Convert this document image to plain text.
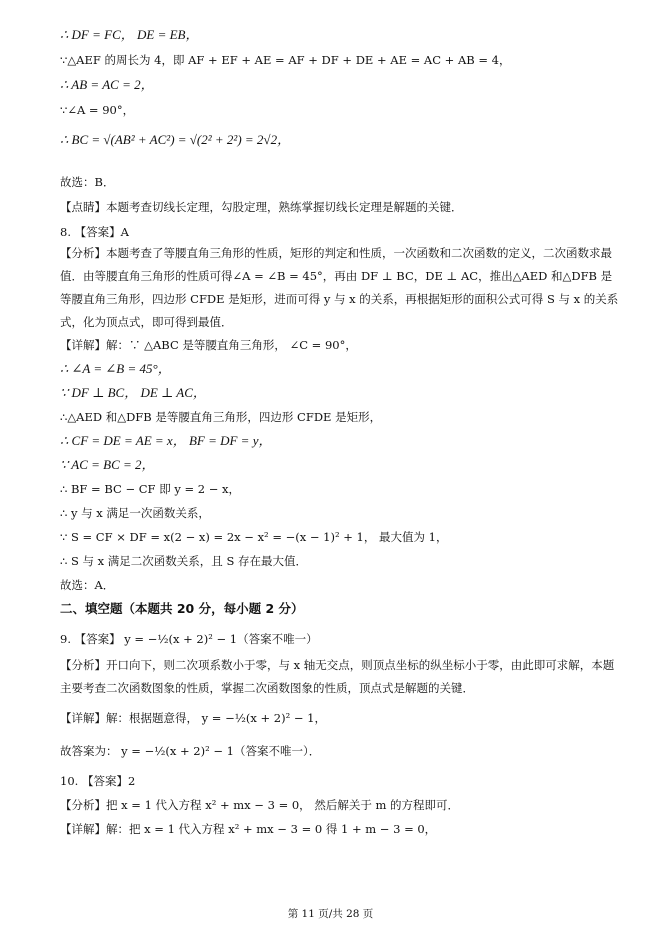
∴ DF = FC， DE = EB，
∵△AEF 的周长为 4，即 AF + EF + AE = AF + DF + DE + AE = AC + AB = 4，
∴ AB = AC = 2，
∵∠A = 90°，
∴ BC = √(AB² + AC²) = √(2² + 2²) = 2√2，
故选：B．
【点睛】本题考查切线长定理，勾股定理，熟练掌握切线长定理是解题的关键．
8. 【答案】A
【分析】本题考查了等腰直角三角形的性质，矩形的判定和性质，一次函数和二次函数的定义，二次函数求最值．由等腰直角三角形的性质可得∠A = ∠B = 45°，再由 DF ⊥ BC，DE ⊥ AC，推出△AED 和△DFB 是等腰直角三角形，四边形 CFDE 是矩形，进而可得 y 与 x 的关系，再根据矩形的面积公式可得 S 与 x 的关系式，化为顶点式，即可得到最值．
【详解】解：∵ △ABC 是等腰直角三角形， ∠C = 90°，
∴ ∠A = ∠B = 45°，
∵ DF ⊥ BC， DE ⊥ AC，
∴△AED 和△DFB 是等腰直角三角形，四边形 CFDE 是矩形，
∴ CF = DE = AE = x， BF = DF = y，
∵ AC = BC = 2，
∴ BF = BC − CF 即 y = 2 − x，
∴ y 与 x 满足一次函数关系，
∵ S = CF × DF = x(2 − x) = 2x − x² = −(x − 1)² + 1， 最大值为 1，
∴ S 与 x 满足二次函数关系，且 S 存在最大值．
故选：A．
二、填空题（本题共 20 分，每小题 2 分）
9. 【答案】 y = −½(x + 2)² − 1（答案不唯一）
【分析】开口向下，则二次项系数小于零，与 x 轴无交点，则顶点坐标的纵坐标小于零，由此即可求解，本题主要考查二次函数图象的性质，掌握二次函数图象的性质，顶点式是解题的关键．
【详解】解：根据题意得， y = −½(x + 2)² − 1，
故答案为： y = −½(x + 2)² − 1（答案不唯一）．
10. 【答案】2
【分析】把 x = 1 代入方程 x² + mx − 3 = 0， 然后解关于 m 的方程即可．
【详解】解：把 x = 1 代入方程 x² + mx − 3 = 0 得 1 + m − 3 = 0，
第 11 页/共 28 页
